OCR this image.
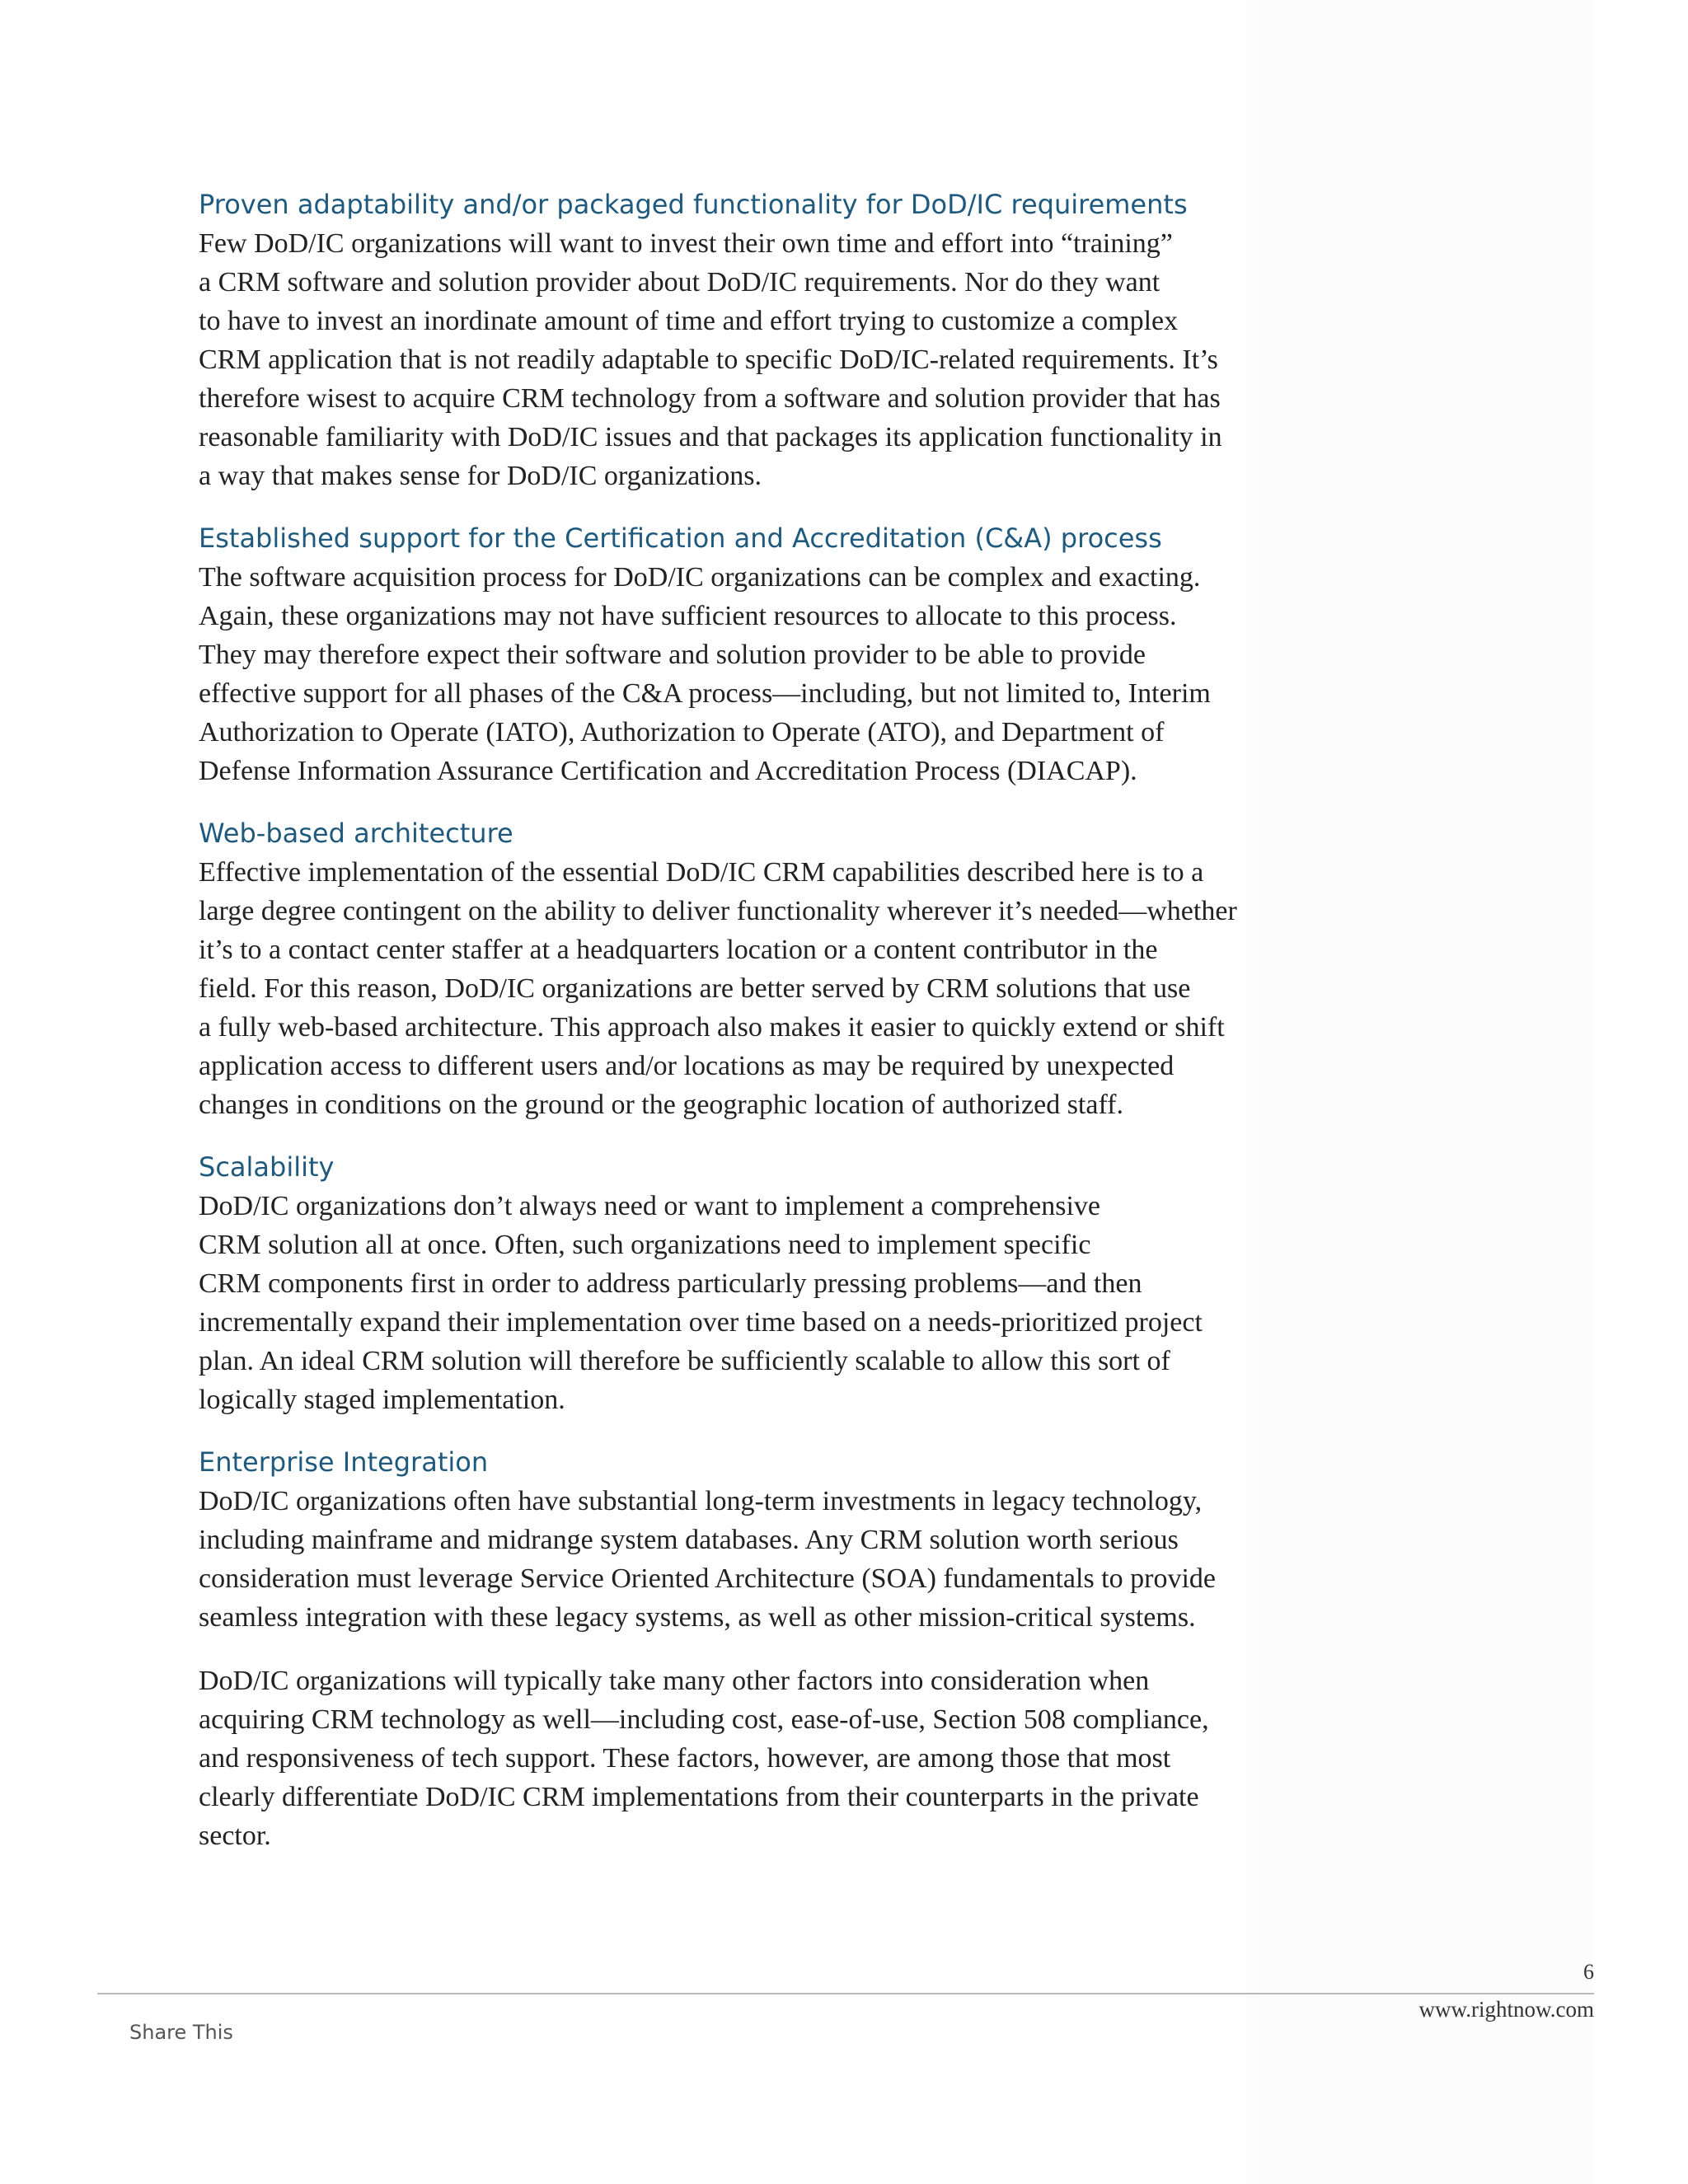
Proven adaptability and/or packaged functionality for DoD/IC requirements

Few DoD/IC organizations will want to invest their own time and effort into “training”
a CRM software and solution provider about DoD/IC requirements. Nor do they want
to have to invest an inordinate amount of time and effort trying to customize a complex
CRM application that is not readily adaptable to specific DoD/IC-related requirements. It’s
therefore wisest to acquire CRM technology from a software and solution provider that has
reasonable familiarity with DoD/IC issues and that packages its application functionality in
a way that makes sense for DoD/IC organizations.

Established support for the Certification and Accreditation (C&A) process

The software acquisition process for DoD/IC organizations can be complex and exacting.
Again, these organizations may not have sufficient resources to allocate to this process.
They may therefore expect their software and solution provider to be able to provide
effective support for all phases of the C&A process—including, but not limited to, Interim
Authorization to Operate (IATO), Authorization to Operate (ATO), and Department of
Defense Information Assurance Certification and Accreditation Process (DIACAP).

Web-based architecture

Effective implementation of the essential DoD/IC CRM capabilities described here is to a
large degree contingent on the ability to deliver functionality wherever it’s needed—whether
it’s to a contact center staffer at a headquarters location or a content contributor in the
field. For this reason, DoD/IC organizations are better served by CRM solutions that use
a fully web-based architecture. This approach also makes it easier to quickly extend or shift
application access to different users and/or locations as may be required by unexpected
changes in conditions on the ground or the geographic location of authorized staff.

Scalability

DoD/IC organizations don’t always need or want to implement a comprehensive
CRM solution all at once. Often, such organizations need to implement specific
CRM components first in order to address particularly pressing problems—and then
incrementally expand their implementation over time based on a needs-prioritized project
plan. An ideal CRM solution will therefore be sufficiently scalable to allow this sort of
logically staged implementation.

Enterprise Integration

DoD/IC organizations often have substantial long-term investments in legacy technology,
including mainframe and midrange system databases. Any CRM solution worth serious
consideration must leverage Service Oriented Architecture (SOA) fundamentals to provide
seamless integration with these legacy systems, as well as other mission-critical systems.

DoD/IC organizations will typically take many other factors into consideration when
acquiring CRM technology as well—including cost, ease-of-use, Section 508 compliance,
and responsiveness of tech support. These factors, however, are among those that most
clearly differentiate DoD/IC CRM implementations from their counterparts in the private
sector.

6
www.rightnow.com
Share This
